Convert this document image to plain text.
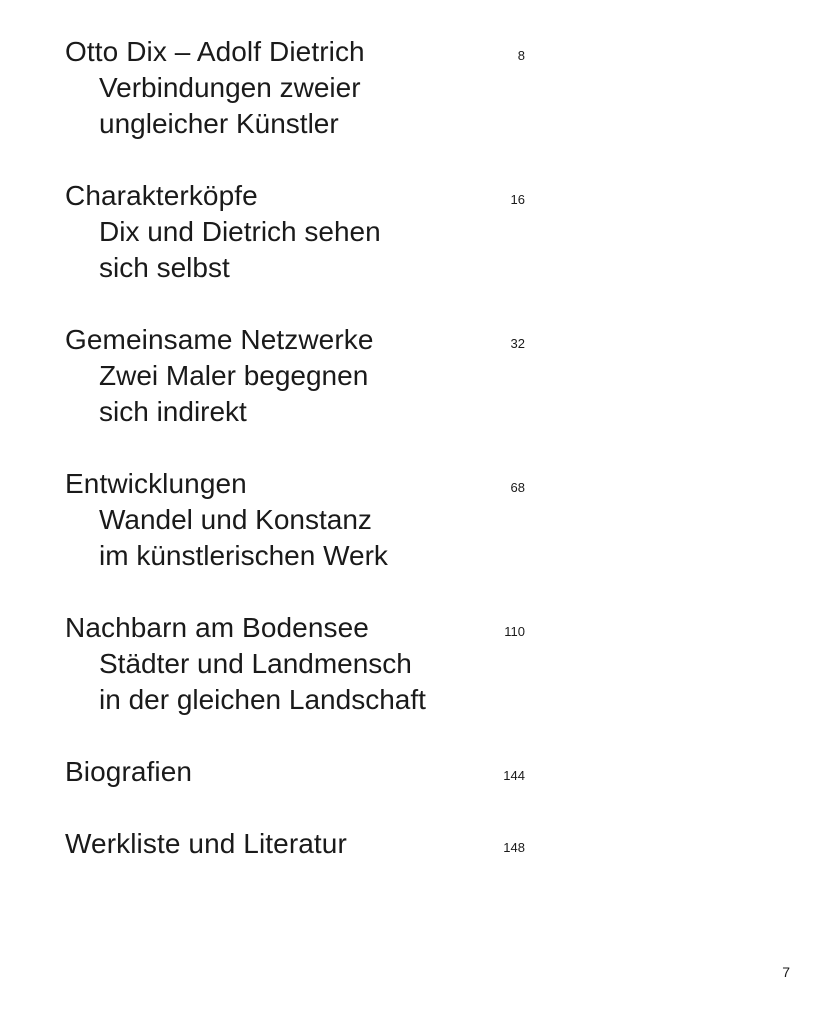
Otto Dix – Adolf Dietrich
Verbindungen zweier
ungleicher Künstler
8
Charakterköpfe
Dix und Dietrich sehen
sich selbst
16
Gemeinsame Netzwerke
Zwei Maler begegnen
sich indirekt
32
Entwicklungen
Wandel und Konstanz
im künstlerischen Werk
68
Nachbarn am Bodensee
Städter und Landmensch
in der gleichen Landschaft
110
Biografien	144
Werkliste und Literatur	148
7
